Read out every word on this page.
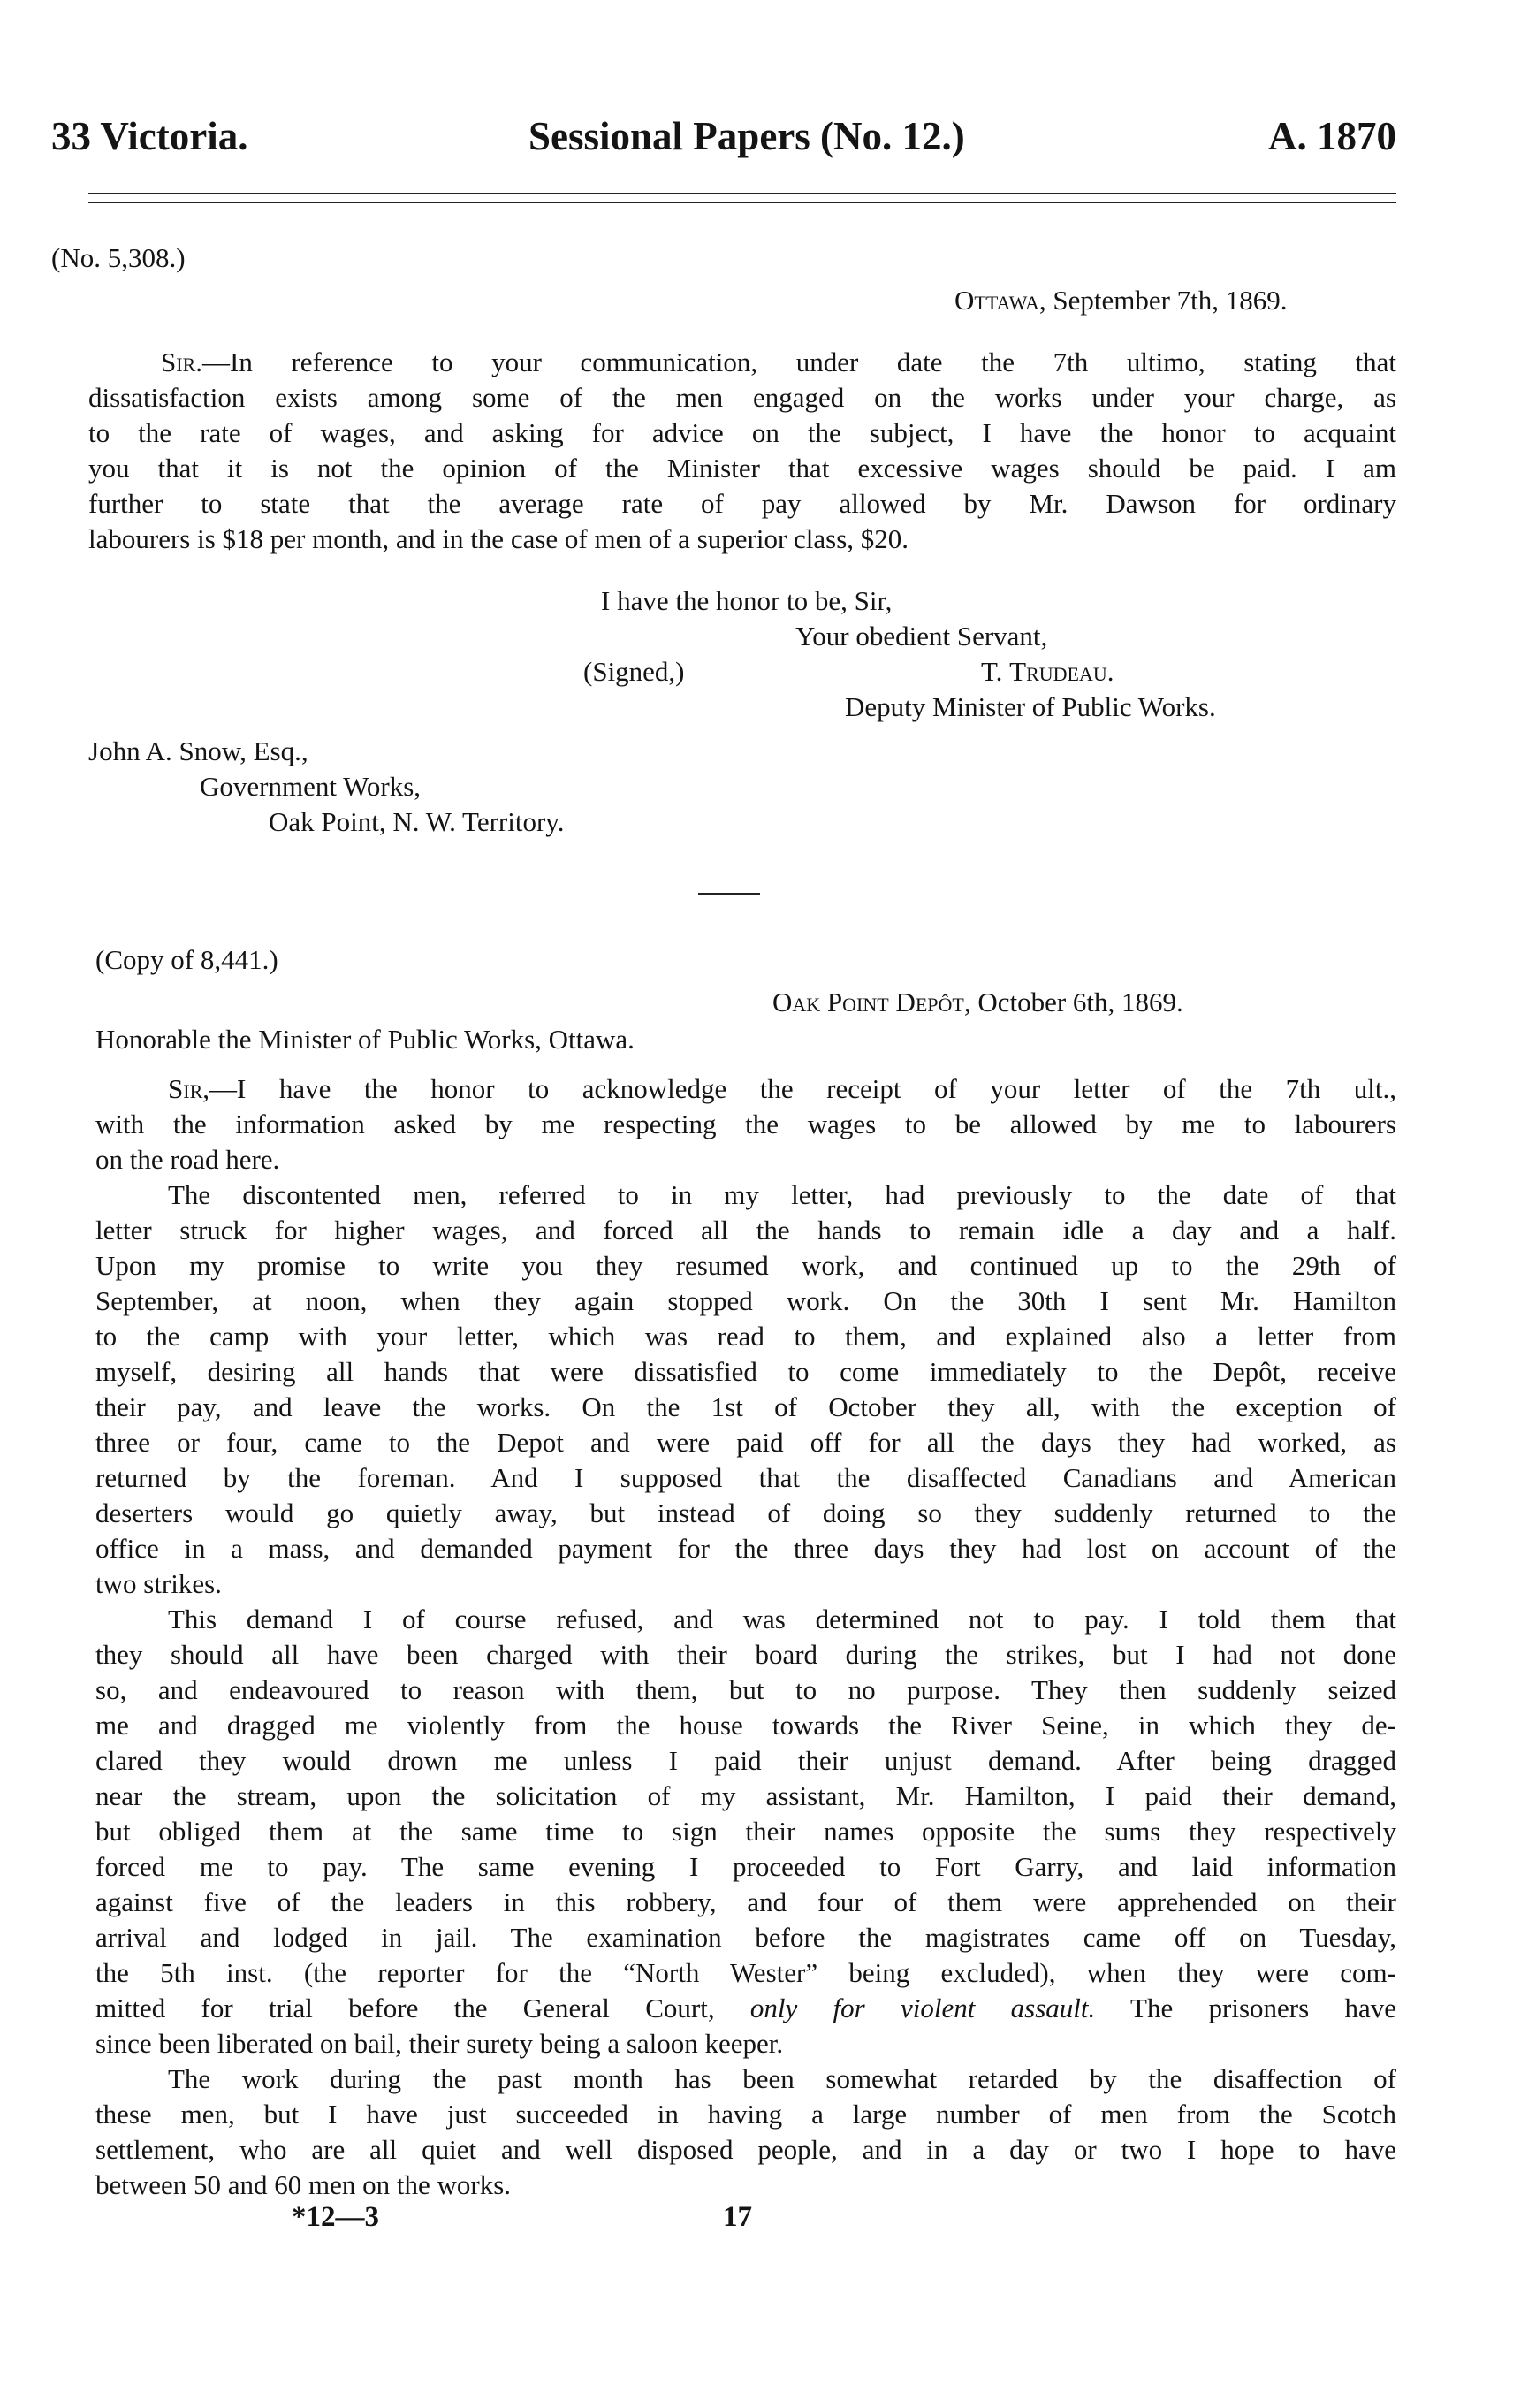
33 Victoria.	Sessional Papers (No. 12.)	A. 1870
(No. 5,308.)
Ottawa, September 7th, 1869.
Sir.—In reference to your communication, under date the 7th ultimo, stating that
dissatisfaction exists among some of the men engaged on the works under your charge, as
to the rate of wages, and asking for advice on the subject, I have the honor to acquaint
you that it is not the opinion of the Minister that excessive wages should be paid. I am
further to state that the average rate of pay allowed by Mr. Dawson for ordinary
labourers is $18 per month, and in the case of men of a superior class, $20.
I have the honor to be, Sir,
Your obedient Servant,
(Signed,)	T. Trudeau.
Deputy Minister of Public Works.
John A. Snow, Esq.,
Government Works,
Oak Point, N. W. Territory.
(Copy of 8,441.)
Oak Point Depôt, October 6th, 1869.
Honorable the Minister of Public Works, Ottawa.
Sir,—I have the honor to acknowledge the receipt of your letter of the 7th ult.,
with the information asked by me respecting the wages to be allowed by me to labourers
on the road here.
The discontented men, referred to in my letter, had previously to the date of that
letter struck for higher wages, and forced all the hands to remain idle a day and a half.
Upon my promise to write you they resumed work, and continued up to the 29th of
September, at noon, when they again stopped work. On the 30th I sent Mr. Hamilton
to the camp with your letter, which was read to them, and explained also a letter from
myself, desiring all hands that were dissatisfied to come immediately to the Depôt, receive
their pay, and leave the works. On the 1st of October they all, with the exception of
three or four, came to the Depot and were paid off for all the days they had worked, as
returned by the foreman. And I supposed that the disaffected Canadians and American
deserters would go quietly away, but instead of doing so they suddenly returned to the
office in a mass, and demanded payment for the three days they had lost on account of the
two strikes.
This demand I of course refused, and was determined not to pay. I told them that
they should all have been charged with their board during the strikes, but I had not done
so, and endeavoured to reason with them, but to no purpose. They then suddenly seized
me and dragged me violently from the house towards the River Seine, in which they de-
clared they would drown me unless I paid their unjust demand. After being dragged
near the stream, upon the solicitation of my assistant, Mr. Hamilton, I paid their demand,
but obliged them at the same time to sign their names opposite the sums they respectively
forced me to pay. The same evening I proceeded to Fort Garry, and laid information
against five of the leaders in this robbery, and four of them were apprehended on their
arrival and lodged in jail. The examination before the magistrates came off on Tuesday,
the 5th inst. (the reporter for the “North Wester” being excluded), when they were com-
mitted for trial before the General Court, only for violent assault. The prisoners have
since been liberated on bail, their surety being a saloon keeper.
The work during the past month has been somewhat retarded by the disaffection of
these men, but I have just succeeded in having a large number of men from the Scotch
settlement, who are all quiet and well disposed people, and in a day or two I hope to have
between 50 and 60 men on the works.
*12—3	17
